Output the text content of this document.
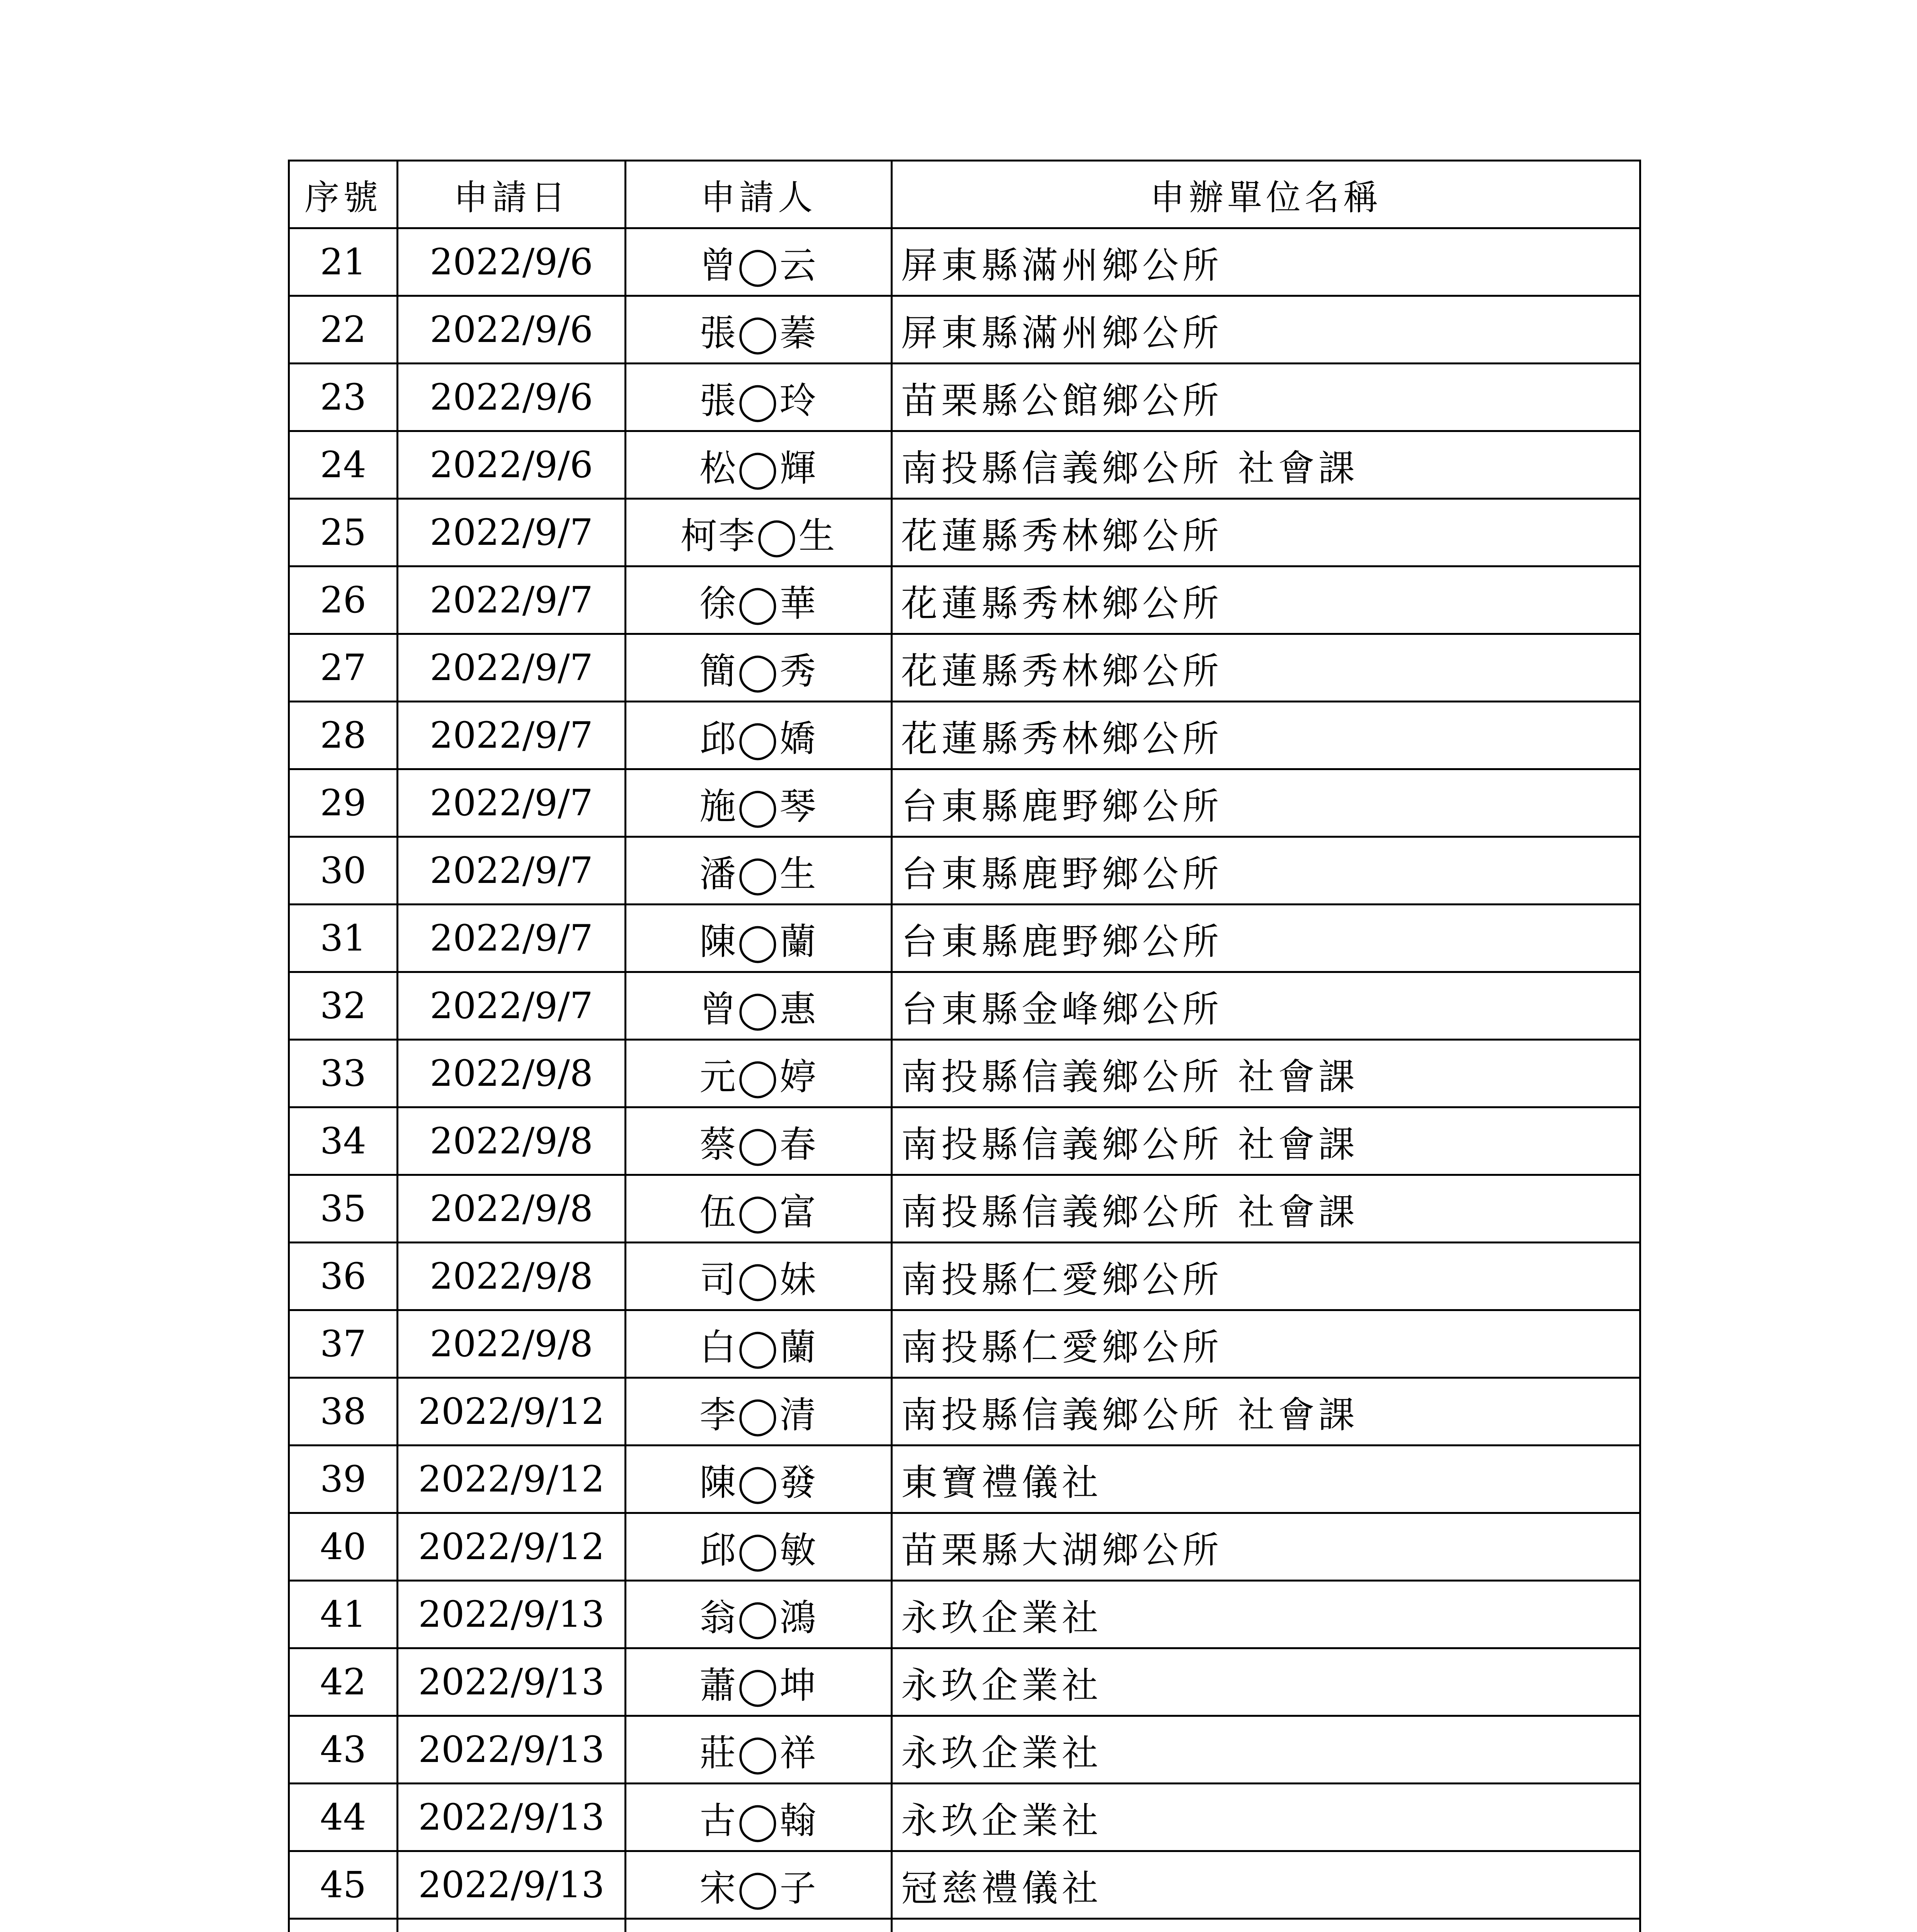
序號	申請日	申請人	申辦單位名稱
21	2022/9/6	曾◯云	屏東縣滿州鄉公所
22	2022/9/6	張◯蓁	屏東縣滿州鄉公所
23	2022/9/6	張◯玲	苗栗縣公館鄉公所
24	2022/9/6	松◯輝	南投縣信義鄉公所 社會課
25	2022/9/7	柯李◯生	花蓮縣秀林鄉公所
26	2022/9/7	徐◯華	花蓮縣秀林鄉公所
27	2022/9/7	簡◯秀	花蓮縣秀林鄉公所
28	2022/9/7	邱◯嬌	花蓮縣秀林鄉公所
29	2022/9/7	施◯琴	台東縣鹿野鄉公所
30	2022/9/7	潘◯生	台東縣鹿野鄉公所
31	2022/9/7	陳◯蘭	台東縣鹿野鄉公所
32	2022/9/7	曾◯惠	台東縣金峰鄉公所
33	2022/9/8	元◯婷	南投縣信義鄉公所 社會課
34	2022/9/8	蔡◯春	南投縣信義鄉公所 社會課
35	2022/9/8	伍◯富	南投縣信義鄉公所 社會課
36	2022/9/8	司◯妹	南投縣仁愛鄉公所
37	2022/9/8	白◯蘭	南投縣仁愛鄉公所
38	2022/9/12	李◯清	南投縣信義鄉公所 社會課
39	2022/9/12	陳◯發	東寶禮儀社
40	2022/9/12	邱◯敏	苗栗縣大湖鄉公所
41	2022/9/13	翁◯鴻	永玖企業社
42	2022/9/13	蕭◯坤	永玖企業社
43	2022/9/13	莊◯祥	永玖企業社
44	2022/9/13	古◯翰	永玖企業社
45	2022/9/13	宋◯子	冠慈禮儀社
